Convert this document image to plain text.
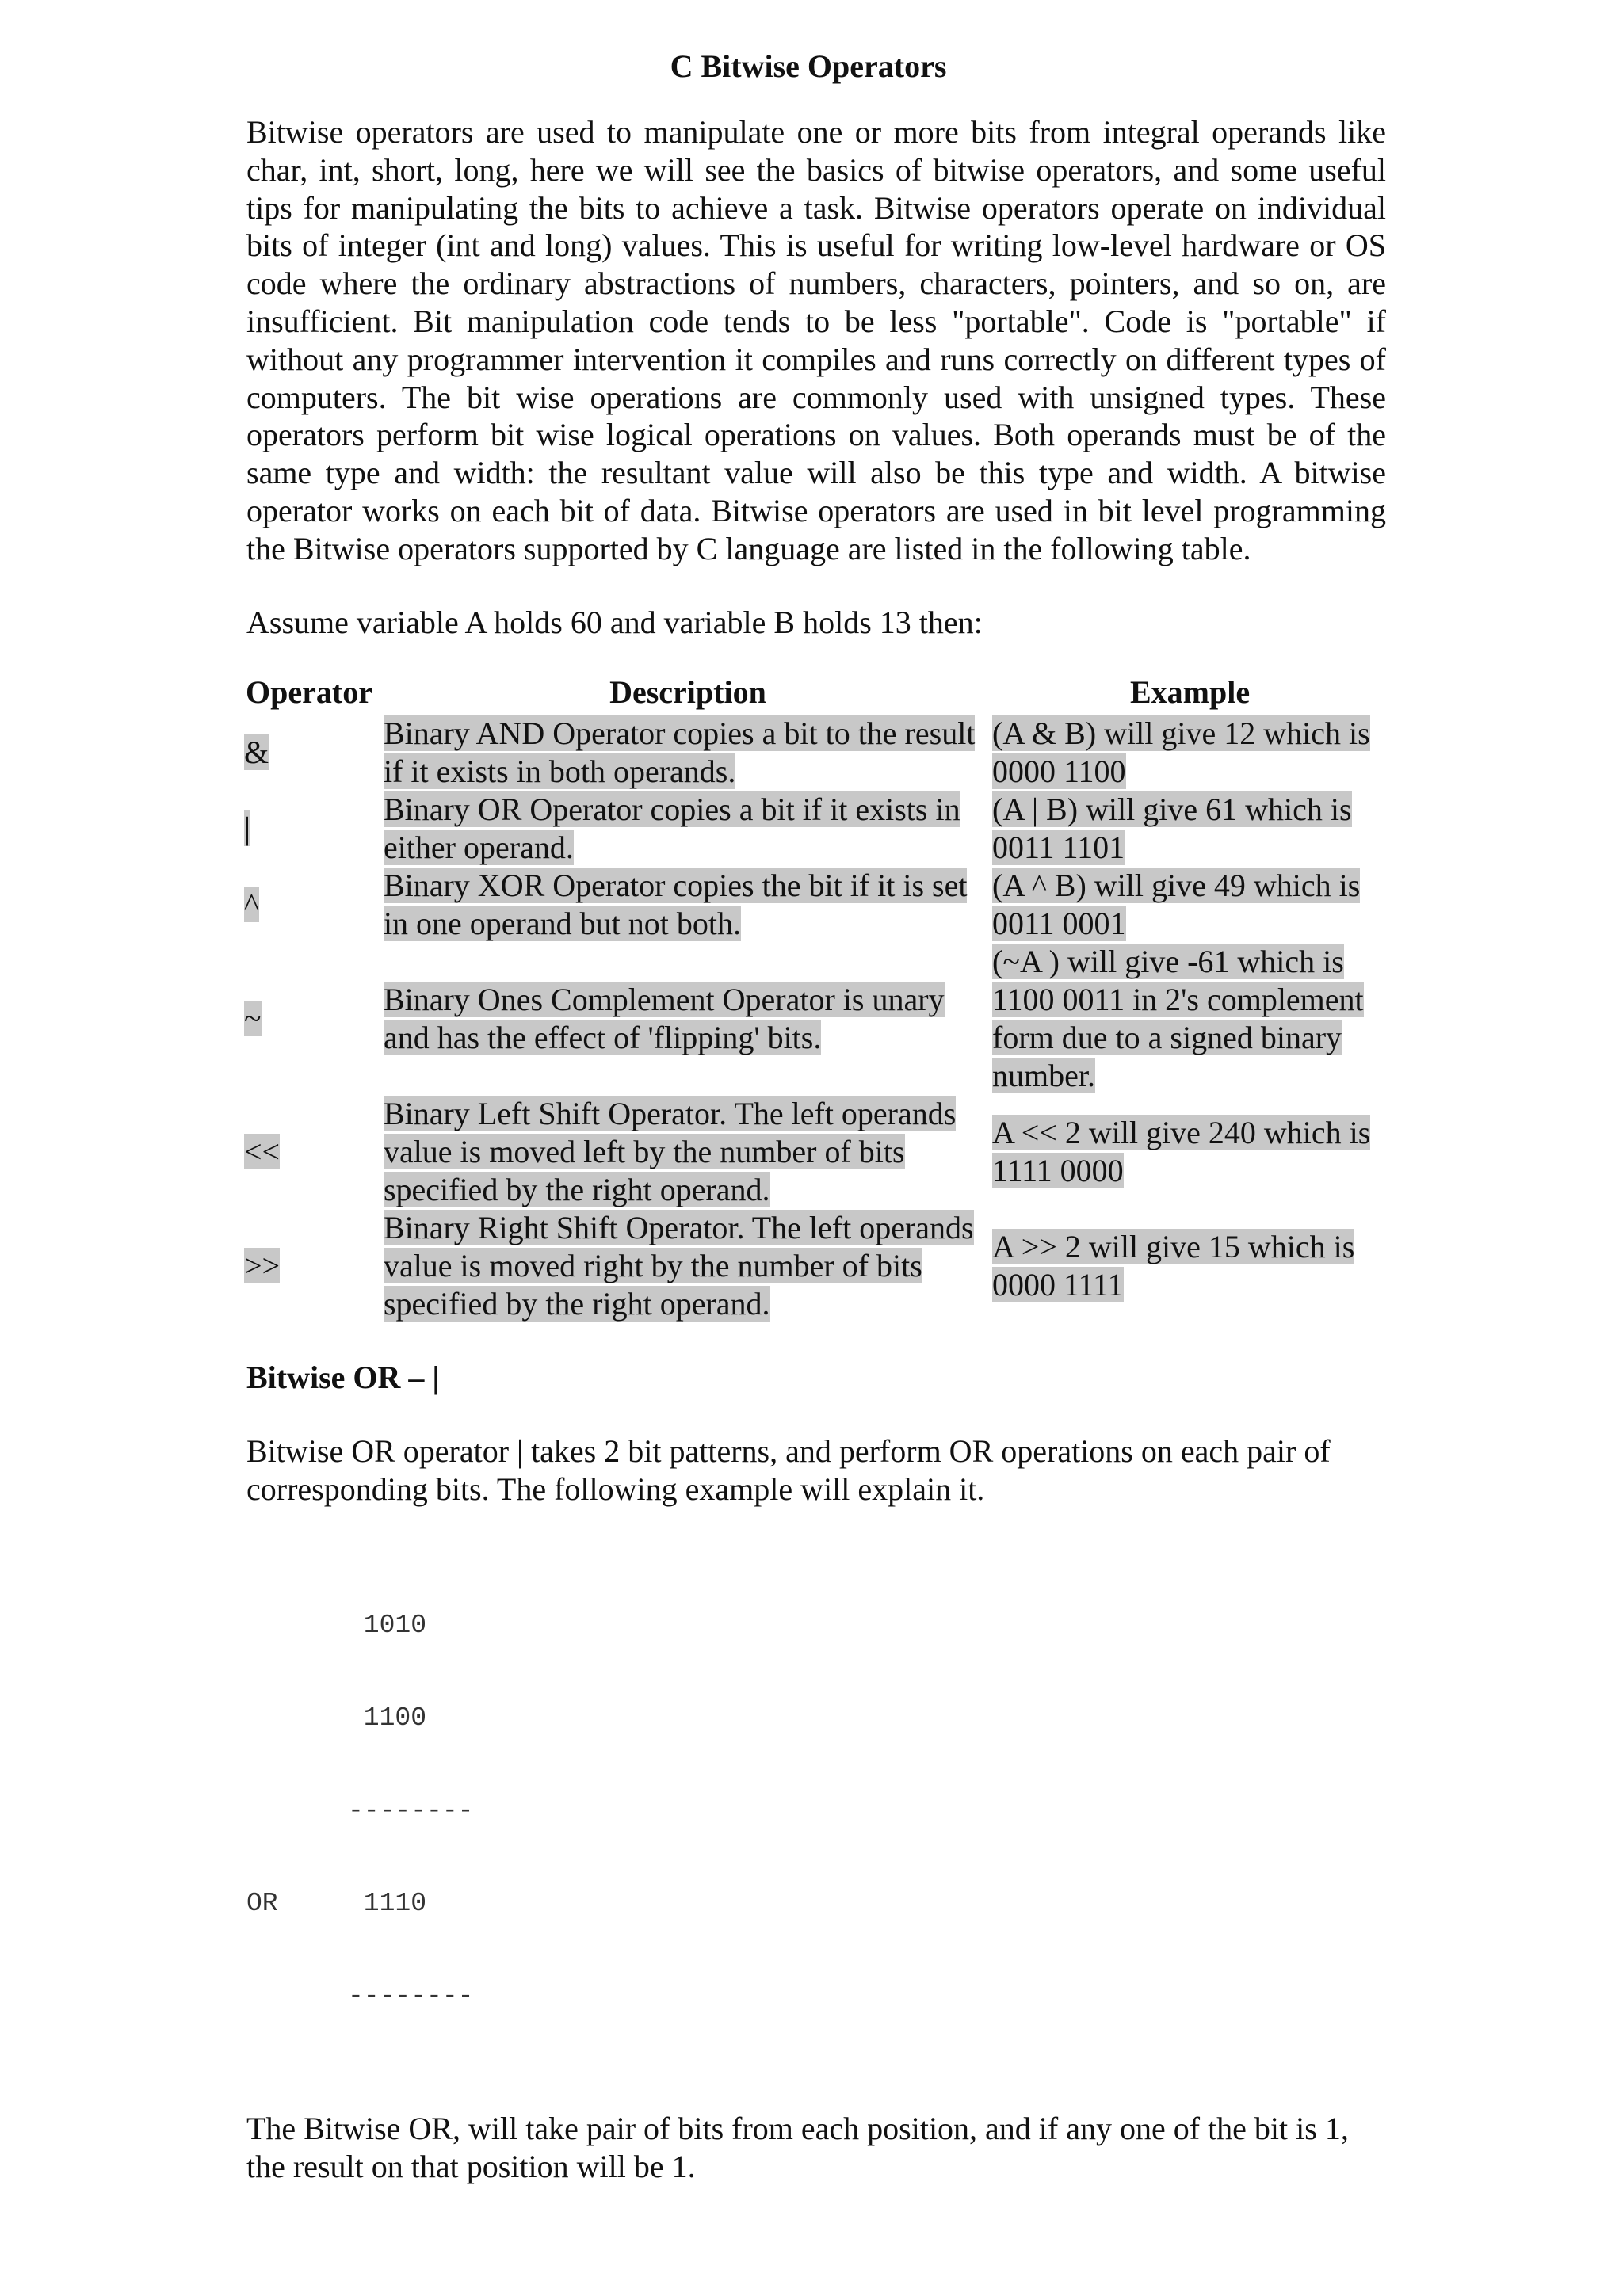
C Bitwise Operators

Bitwise operators are used to manipulate one or more bits from integral operands like char, int, short, long, here we will see the basics of bitwise operators, and some useful tips for manipulating the bits to achieve a task. Bitwise operators operate on individual bits of integer (int and long) values. This is useful for writing low-level hardware or OS code where the ordinary abstractions of numbers, characters, pointers, and so on, are insufficient. Bit manipulation code tends to be less "portable". Code is "portable" if without any programmer intervention it compiles and runs correctly on different types of computers. The bit wise operations are commonly used with unsigned types. These operators perform bit wise logical operations on values. Both operands must be of the same type and width: the resultant value will also be this type and width. A bitwise operator works on each bit of data. Bitwise operators are used in bit level programming the Bitwise operators supported by C language are listed in the following table.

Assume variable A holds 60 and variable B holds 13 then:

Operator	Description	Example
&	Binary AND Operator copies a bit to the result if it exists in both operands.	(A & B) will give 12 which is 0000 1100
|	Binary OR Operator copies a bit if it exists in either operand.	(A | B) will give 61 which is 0011 1101
^	Binary XOR Operator copies the bit if it is set in one operand but not both.	(A ^ B) will give 49 which is 0011 0001
~	Binary Ones Complement Operator is unary and has the effect of 'flipping' bits.	(~A ) will give -61 which is 1100 0011 in 2's complement form due to a signed binary number.
<<	Binary Left Shift Operator. The left operands value is moved left by the number of bits specified by the right operand.	A << 2 will give 240 which is 1111 0000
>>	Binary Right Shift Operator. The left operands value is moved right by the number of bits specified by the right operand.	A >> 2 will give 15 which is 0000 1111

Bitwise OR – |

Bitwise OR operator | takes 2 bit patterns, and perform OR operations on each pair of corresponding bits. The following example will explain it.

1010

1100

--------

OR	1110

--------

The Bitwise OR, will take pair of bits from each position, and if any one of the bit is 1, the result on that position will be 1.
